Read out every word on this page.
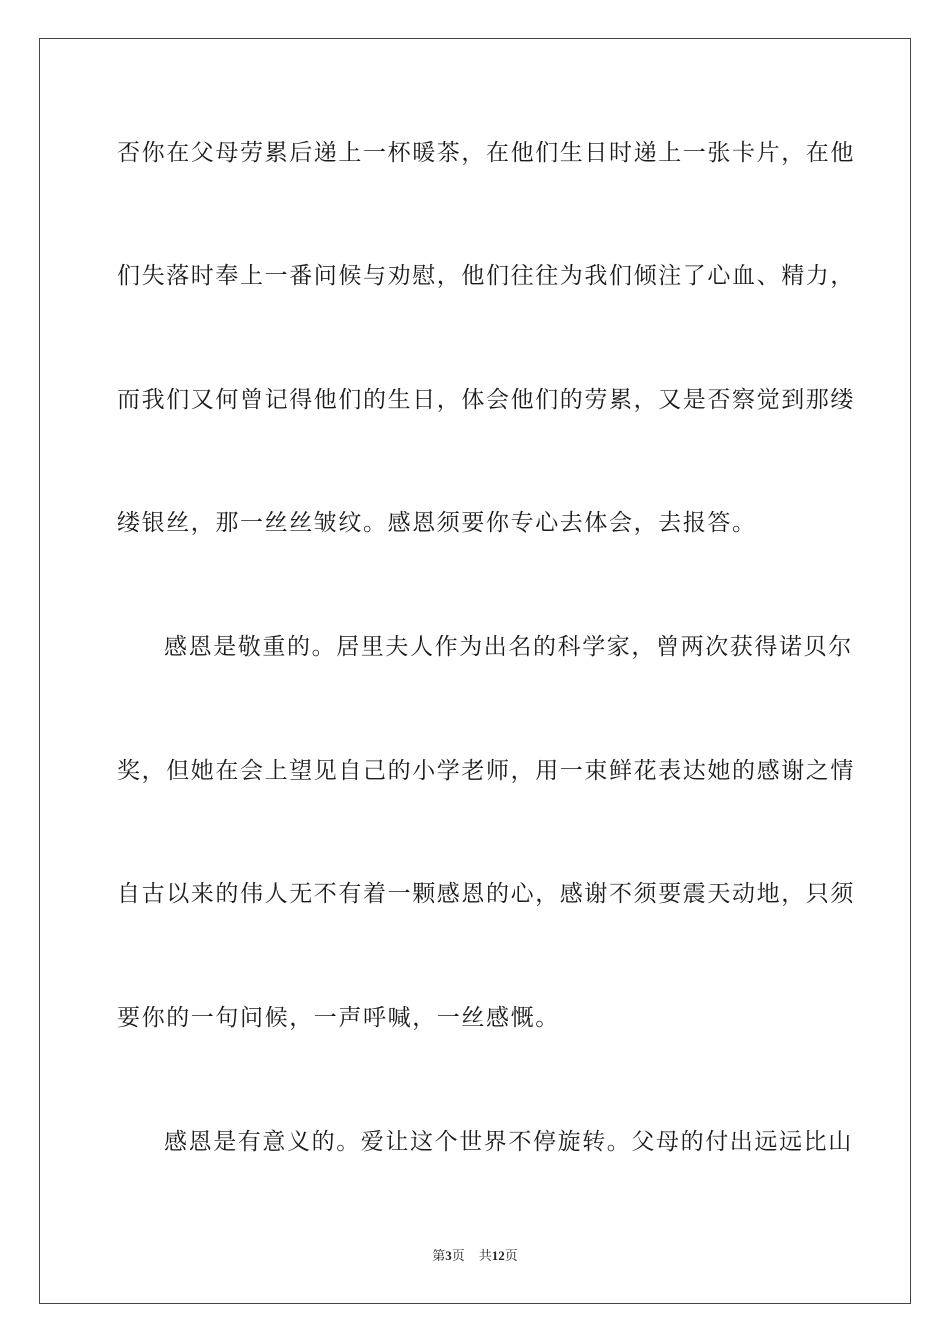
否你在父母劳累后递上一杯暖茶，在他们生日时递上一张卡片，在他
们失落时奉上一番问候与劝慰，他们往往为我们倾注了心血、精力，
而我们又何曾记得他们的生日，体会他们的劳累，又是否察觉到那缕
缕银丝，那一丝丝皱纹。感恩须要你专心去体会，去报答。
感恩是敬重的。居里夫人作为出名的科学家，曾两次获得诺贝尔
奖，但她在会上望见自己的小学老师，用一束鲜花表达她的感谢之情
自古以来的伟人无不有着一颗感恩的心，感谢不须要震天动地，只须
要你的一句问候，一声呼喊，一丝感慨。
感恩是有意义的。爱让这个世界不停旋转。父母的付出远远比山
第3页 共12页
